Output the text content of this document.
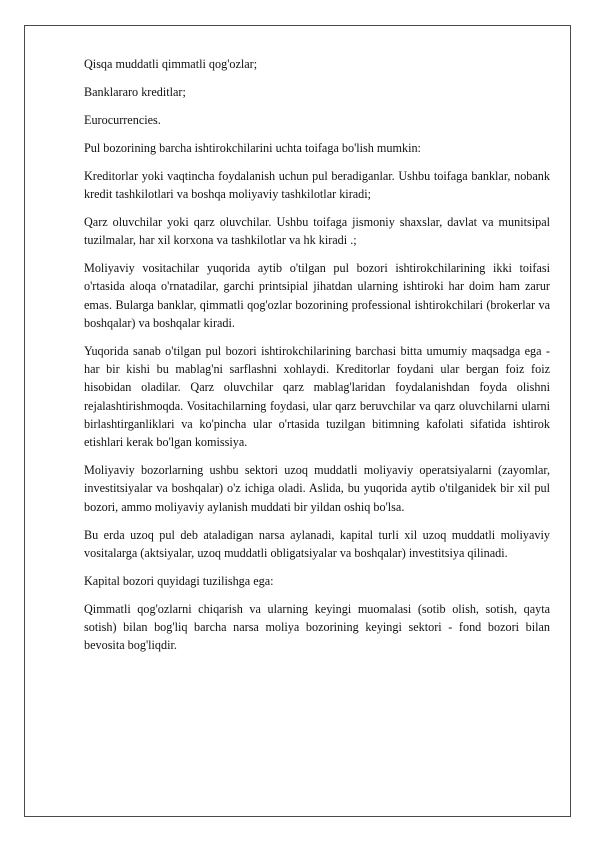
Qisqa muddatli qimmatli qog'ozlar;

Banklararo kreditlar;

Eurocurrencies.

Pul bozorining barcha ishtirokchilarini uchta toifaga bo'lish mumkin:

Kreditorlar yoki vaqtincha foydalanish uchun pul beradiganlar. Ushbu toifaga banklar, nobank kredit tashkilotlari va boshqa moliyaviy tashkilotlar kiradi;

Qarz oluvchilar yoki qarz oluvchilar. Ushbu toifaga jismoniy shaxslar, davlat va munitsipal tuzilmalar, har xil korxona va tashkilotlar va hk kiradi .;

Moliyaviy vositachilar yuqorida aytib o'tilgan pul bozori ishtirokchilarining ikki toifasi o'rtasida aloqa o'rnatadilar, garchi printsipial jihatdan ularning ishtiroki har doim ham zarur emas. Bularga banklar, qimmatli qog'ozlar bozorining professional ishtirokchilari (brokerlar va boshqalar) va boshqalar kiradi.

Yuqorida sanab o'tilgan pul bozori ishtirokchilarining barchasi bitta umumiy maqsadga ega - har bir kishi bu mablag'ni sarflashni xohlaydi. Kreditorlar foydani ular bergan foiz foiz hisobidan oladilar. Qarz oluvchilar qarz mablag'laridan foydalanishdan foyda olishni rejalashtirishmoqda. Vositachilarning foydasi, ular qarz beruvchilar va qarz oluvchilarni ularni birlashtirganliklari va ko'pincha ular o'rtasida tuzilgan bitimning kafolati sifatida ishtirok etishlari kerak bo'lgan komissiya.

Moliyaviy bozorlarning ushbu sektori uzoq muddatli moliyaviy operatsiyalarni (zayomlar, investitsiyalar va boshqalar) o'z ichiga oladi. Aslida, bu yuqorida aytib o'tilganidek bir xil pul bozori, ammo moliyaviy aylanish muddati bir yildan oshiq bo'lsa.

Bu erda uzoq pul deb ataladigan narsa aylanadi, kapital turli xil uzoq muddatli moliyaviy vositalarga (aktsiyalar, uzoq muddatli obligatsiyalar va boshqalar) investitsiya qilinadi.

Kapital bozori quyidagi tuzilishga ega:

Qimmatli qog'ozlarni chiqarish va ularning keyingi muomalasi (sotib olish, sotish, qayta sotish) bilan bog'liq barcha narsa moliya bozorining keyingi sektori - fond bozori bilan bevosita bog'liqdir.
